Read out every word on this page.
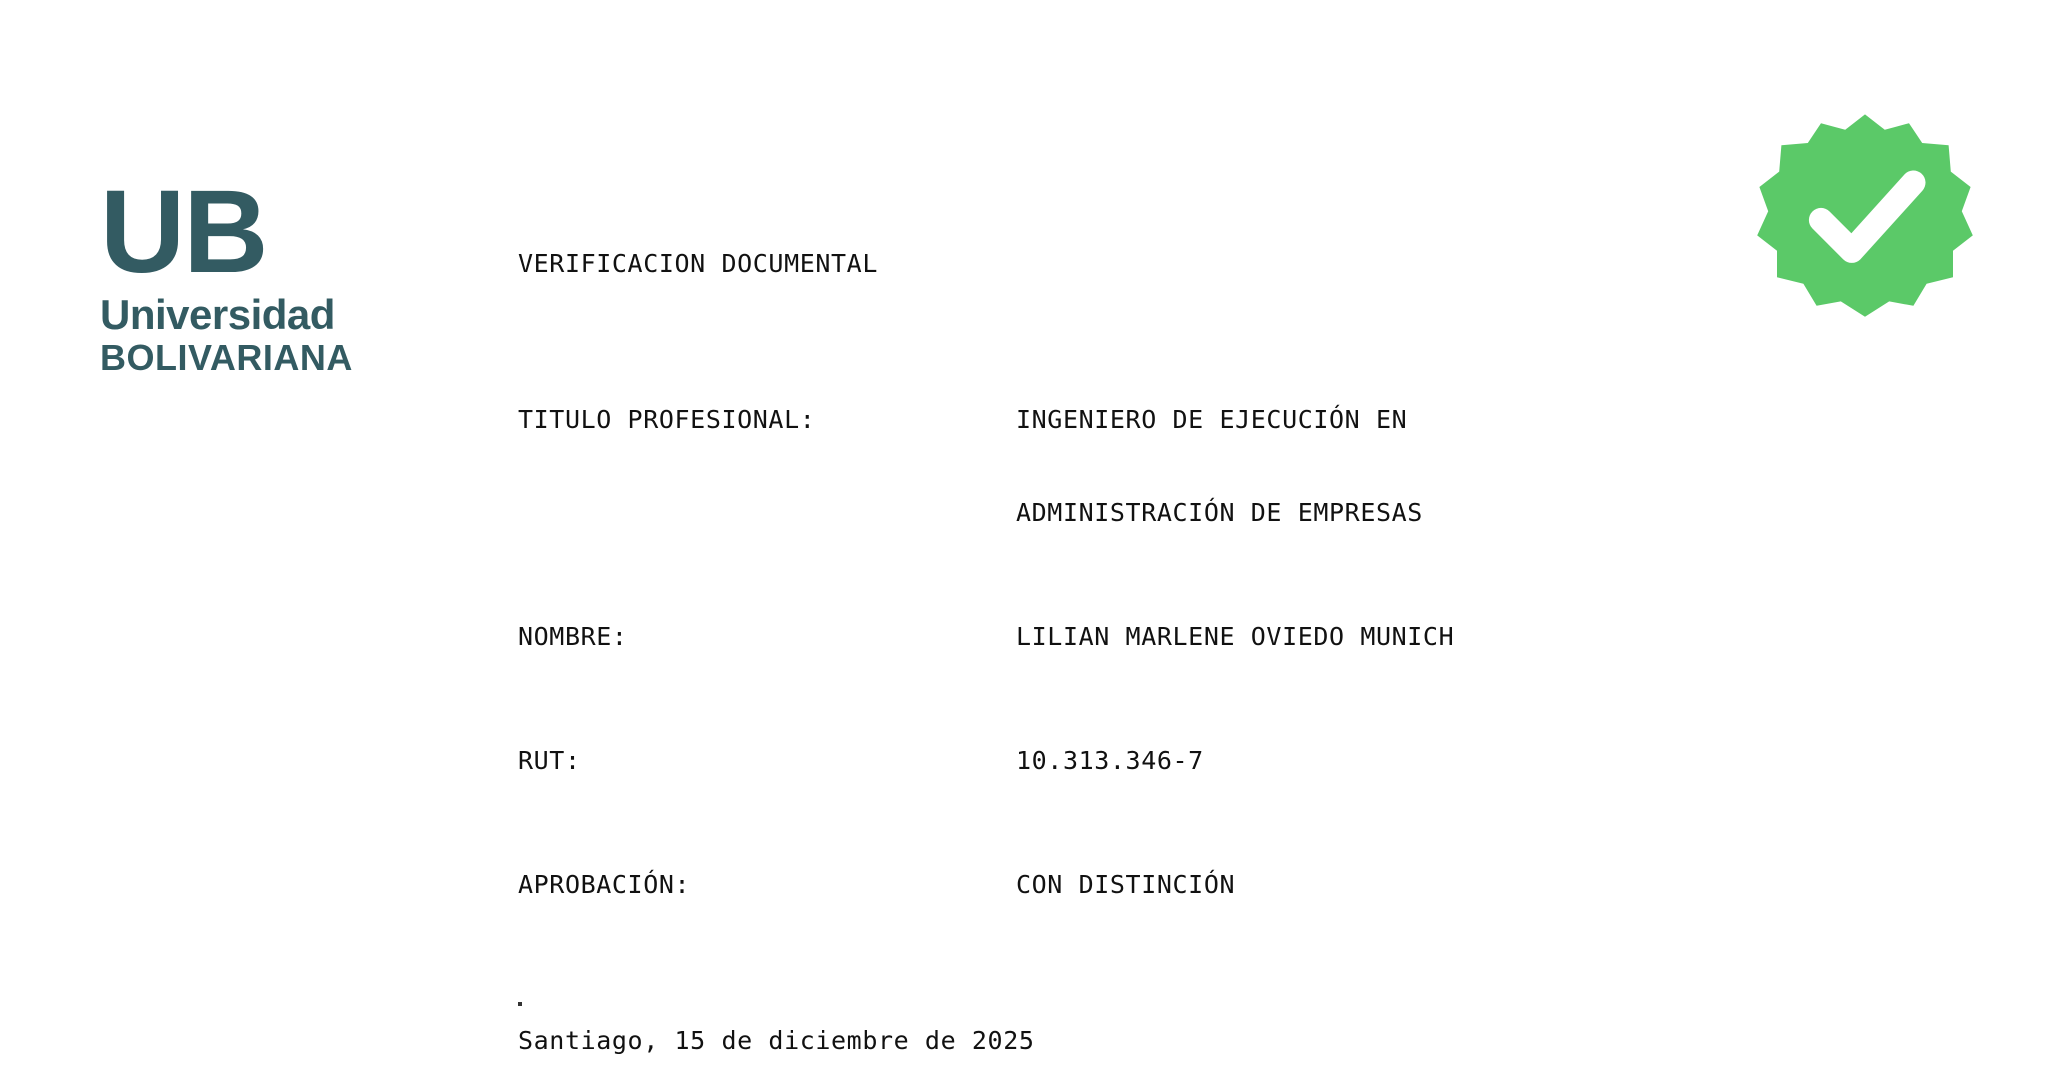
UB

Universidad

BOLIVARIANA

VERIFICACION DOCUMENTAL

TITULO PROFESIONAL:	INGENIERO DE EJECUCIÓN EN

ADMINISTRACIÓN DE EMPRESAS

NOMBRE:	LILIAN MARLENE OVIEDO MUNICH

RUT:	10.313.346-7

APROBACIÓN:	CON DISTINCIÓN

Santiago, 15 de diciembre de 2025
